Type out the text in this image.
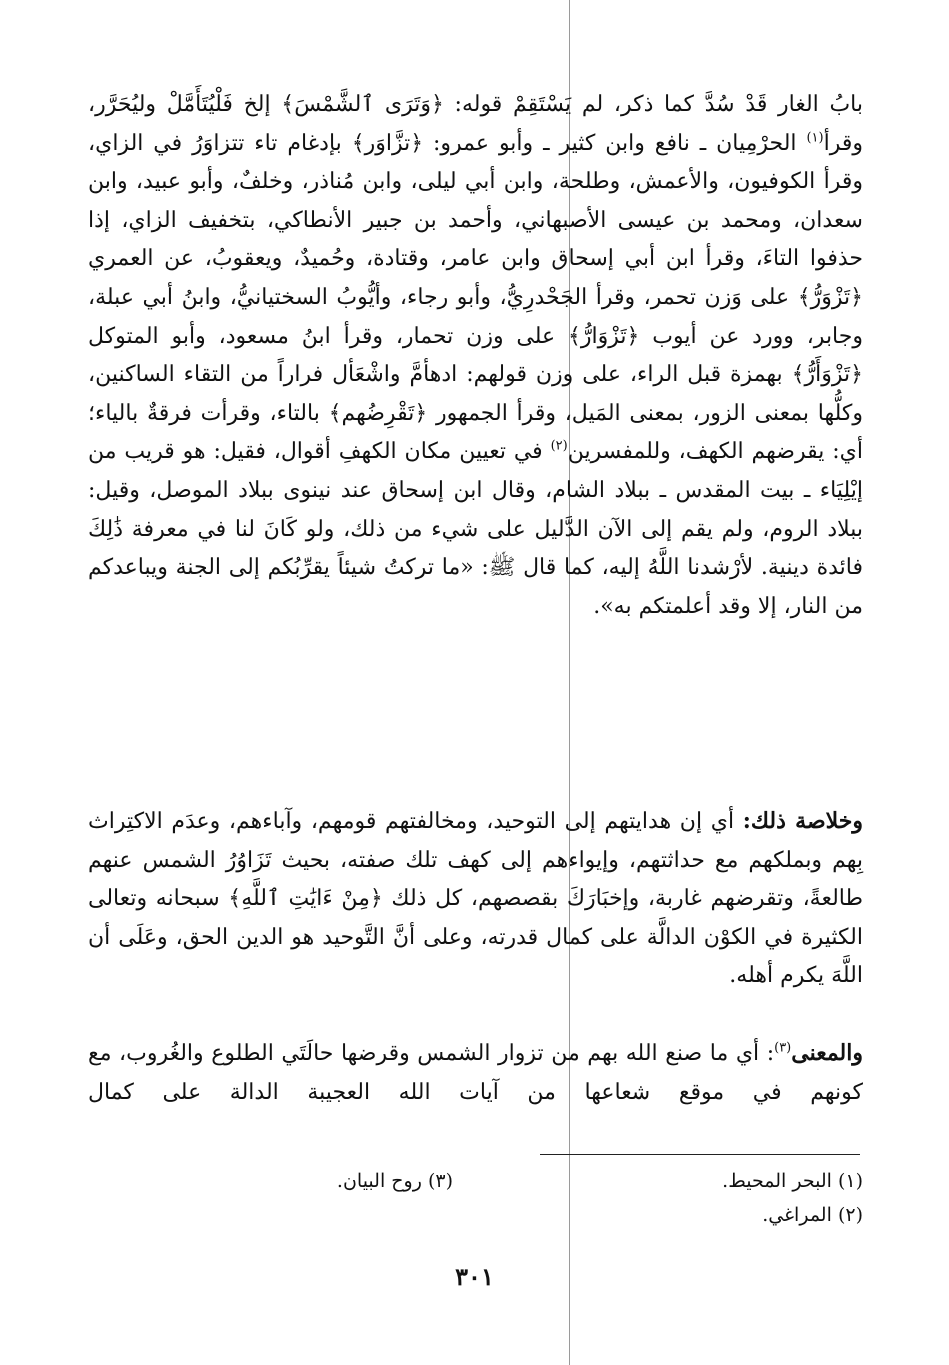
بابُ الغار قَدْ سُدَّ كما ذكر، لم يَسْتَقِمْ قوله: ﴿وَتَرَى ٱلشَّمْسَ﴾ إلخ فَلْيُتَأَمَّلْ وليُحَرَّر، وقرأ$^{(١)}$ الحرْمِيان ـ نافع وابن كثير ـ وأبو عمرو: ﴿تزَّاوَر﴾ بإدغام تاء تتزاوَرُ في الزاي، وقرأ الكوفيون، والأعمش، وطلحة، وابن أبي ليلى، وابن مُناذر، وخلفٌ، وأبو عبيد، وابن سعدان، ومحمد بن عيسى الأصبهاني، وأحمد بن جبير الأنطاكي، بتخفيف الزاي، إذا حذفوا التاءَ، وقرأ ابن أبي إسحاق وابن عامر، وقتادة، وحُميدٌ، ويعقوبُ، عن العمري ﴿تَزْوَرُّ﴾ على وَزن تحمر، وقرأ الجَحْدرِيُّ، وأبو رجاء، وأيُّوبُ السختيانيُّ، وابنُ أبي عبلة، وجابر، وورد عن أيوب ﴿تَزْوَارُّ﴾ على وزن تحمار، وقرأ ابنُ مسعود، وأبو المتوكل ﴿تَزْوَأَرُّ﴾ بهمزة قبل الراء، على وزن قولهم: ادهأمَّ واشْعَأل فراراً من التقاء الساكنين، وكلُّها بمعنى الزور، بمعنى المَيل، وقرأ الجمهور ﴿تَقْرِضُهم﴾ بالتاء، وقرأت فرقةٌ بالياء؛ أي: يقرضهم الكهف، وللمفسرين$^{(٢)}$ في تعيين مكان الكهفِ أقوال، فقيل: هو قريب من إيْلِيَاء ـ بيت المقدس ـ ببلاد الشام، وقال ابن إسحاق عند نينوى ببلاد الموصل، وقيل: ببلاد الروم، ولم يقم إلى الآن الدَّليل على شيء من ذلك، ولو كَانَ لنا في معرفة ذَٰلِكَ فائدة دينية. لأرْشدنا اللَّهُ إليه، كما قال ﷺ: «ما تركتُ شيئاً يقرِّبُكم إلى الجنة ويباعدكم من النار، إلا وقد أعلمتكم به».

وخلاصة ذلك: أي إن هدايتهم إلى التوحيد، ومخالفتهم قومهم، وآباءهم، وعدَم الاكتِراث بِهم وبملكهم مع حداثتهم، وإيواءهم إلى كهف تلك صفته، بحيث تَزَاوُرُ الشمس عنهم طالعةً، وتقرضهم غاربة، وإخبَارَكَ بقصصهم، كل ذلك ﴿مِنْ ءَايَٰتِ ٱللَّهِ﴾ سبحانه وتعالى الكثيرة في الكوْن الدالَّة على كمال قدرته، وعلى أنَّ التَّوحيد هو الدين الحق، وعَلَى أن اللَّهَ يكرم أهله.

والمعنى$^{(٣)}$: أي ما صنع الله بهم من تزوار الشمس وقرضها حالَتَي الطلوع والغُروب، مع كونهم في موقع شعاعها من آيات الله العجيبة الدالة على كمال

(١) البحر المحيط.
(٣) روح البيان.
(٢) المراغي.
٣٠١
